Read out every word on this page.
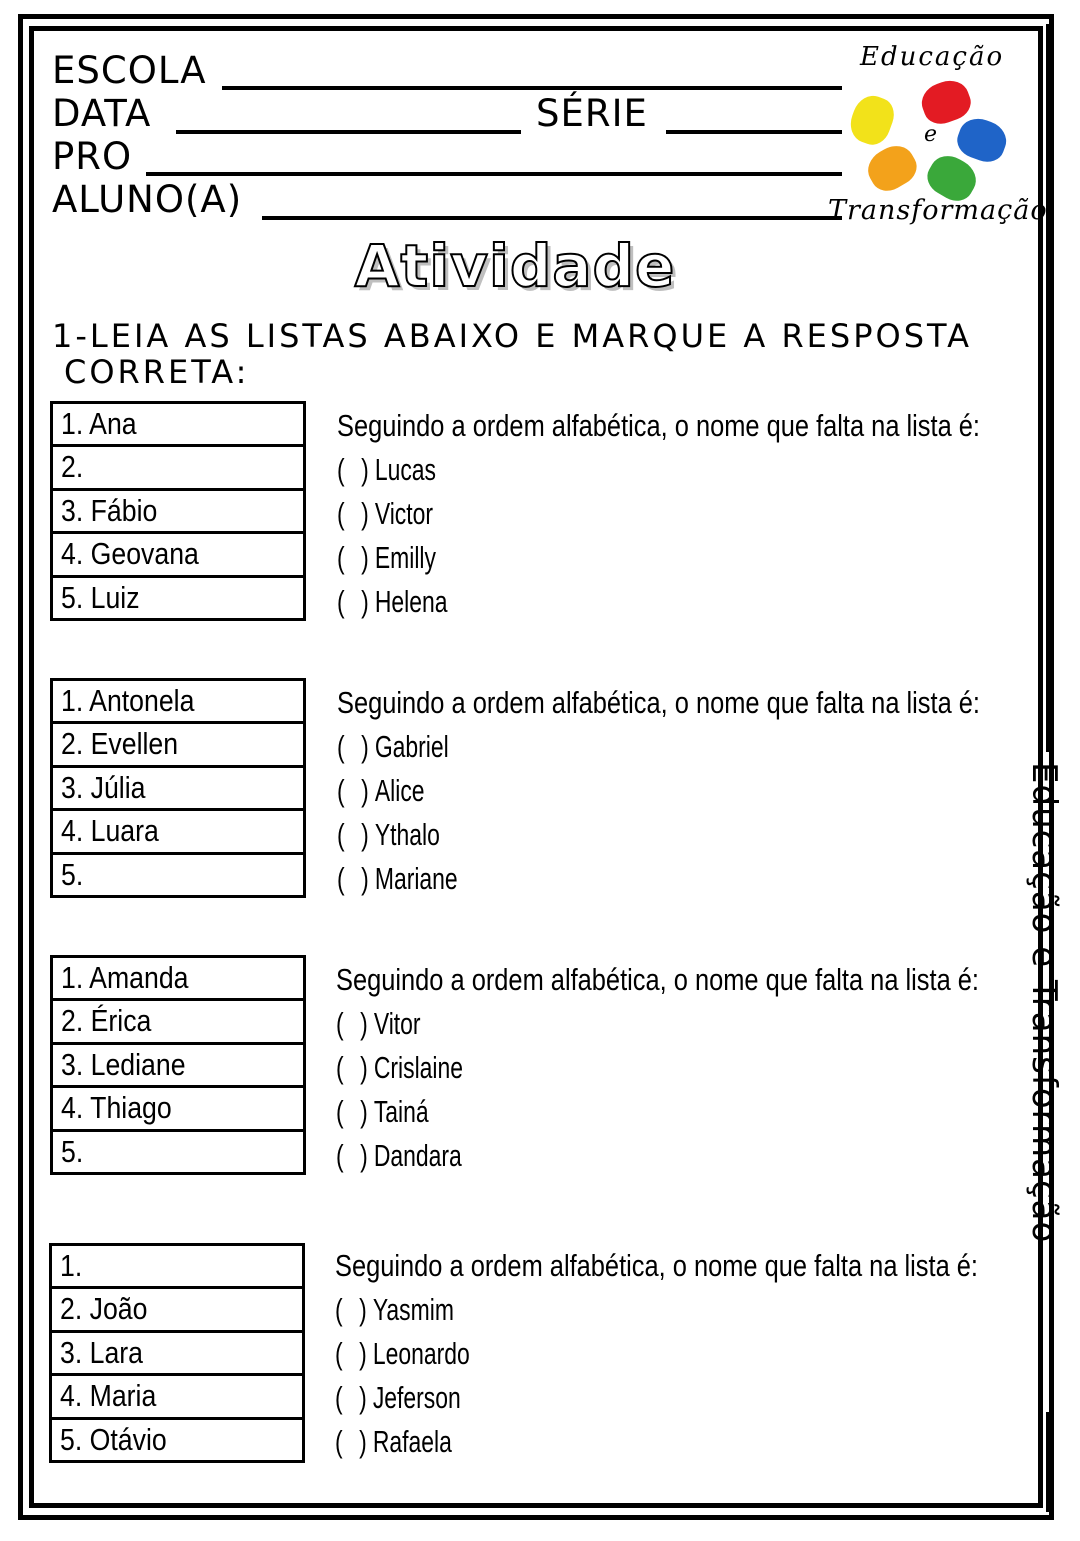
ESCOLA
DATA	SÉRIE
PRO
ALUNO(A)
Educação
e
Transformação
Atividade
1-LEIA AS LISTAS ABAIXO E MARQUE A RESPOSTA
CORRETA:
1. Ana
2.
3. Fábio
4. Geovana
5. Luiz
Seguindo a ordem alfabética, o nome que falta na lista é:
( ) Lucas
( ) Victor
( ) Emilly
( ) Helena
1. Antonela
2. Evellen
3. Júlia
4. Luara
5.
Seguindo a ordem alfabética, o nome que falta na lista é:
( ) Gabriel
( ) Alice
( ) Ythalo
( ) Mariane
1. Amanda
2. Érica
3. Lediane
4. Thiago
5.
Seguindo a ordem alfabética, o nome que falta na lista é:
( ) Vitor
( ) Crislaine
( ) Tainá
( ) Dandara
1.
2. João
3. Lara
4. Maria
5. Otávio
Seguindo a ordem alfabética, o nome que falta na lista é:
( ) Yasmim
( ) Leonardo
( ) Jeferson
( ) Rafaela
Educação e Transformação
